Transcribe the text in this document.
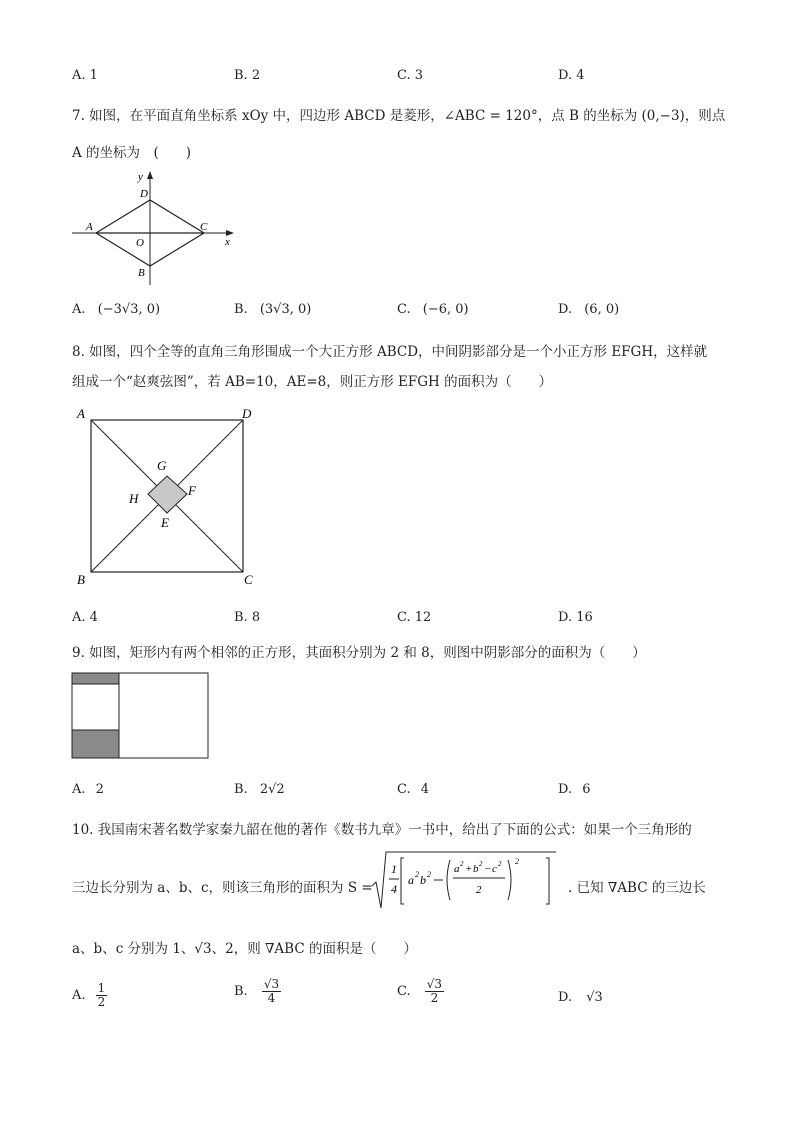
A. 1	B. 2	C. 3	D. 4
7. 如图，在平面直角坐标系 xOy 中，四边形 ABCD 是菱形，∠ABC = 120°，点 B 的坐标为 (0,−3)，则点
A 的坐标为　(　　)
y
D
A	C
x
O
B
A. (−3√3, 0)	B. (3√3, 0)	C. (−6, 0)	D. (6, 0)
8. 如图，四个全等的直角三角形围成一个大正方形 ABCD，中间阴影部分是一个小正方形 EFGH，这样就
组成一个“赵爽弦图”，若 AB=10，AE=8，则正方形 EFGH 的面积为（　　）
A	D
B	C
G
F
H
E
A. 4	B. 8	C. 12	D. 16
9. 如图，矩形内有两个相邻的正方形，其面积分别为 2 和 8，则图中阴影部分的面积为（　　）
A. 2	B. 2√2	C. 4	D. 6
10. 我国南宋著名数学家秦九韶在他的著作《数书九章》一书中，给出了下面的公式：如果一个三角形的
三边长分别为 a、b、c，则该三角形的面积为 S =
1
4
a 2 b 2 a 2 + b 2 − c 2
2
2
. 已知 ∇ABC 的三边长
a、b、c 分别为 1、√3、2，则 ∇ABC 的面积是（　　）
A. $\frac{1}{2}$	B. $\frac{√3}{4}$	C. $\frac{√3}{2}$	D. √3
